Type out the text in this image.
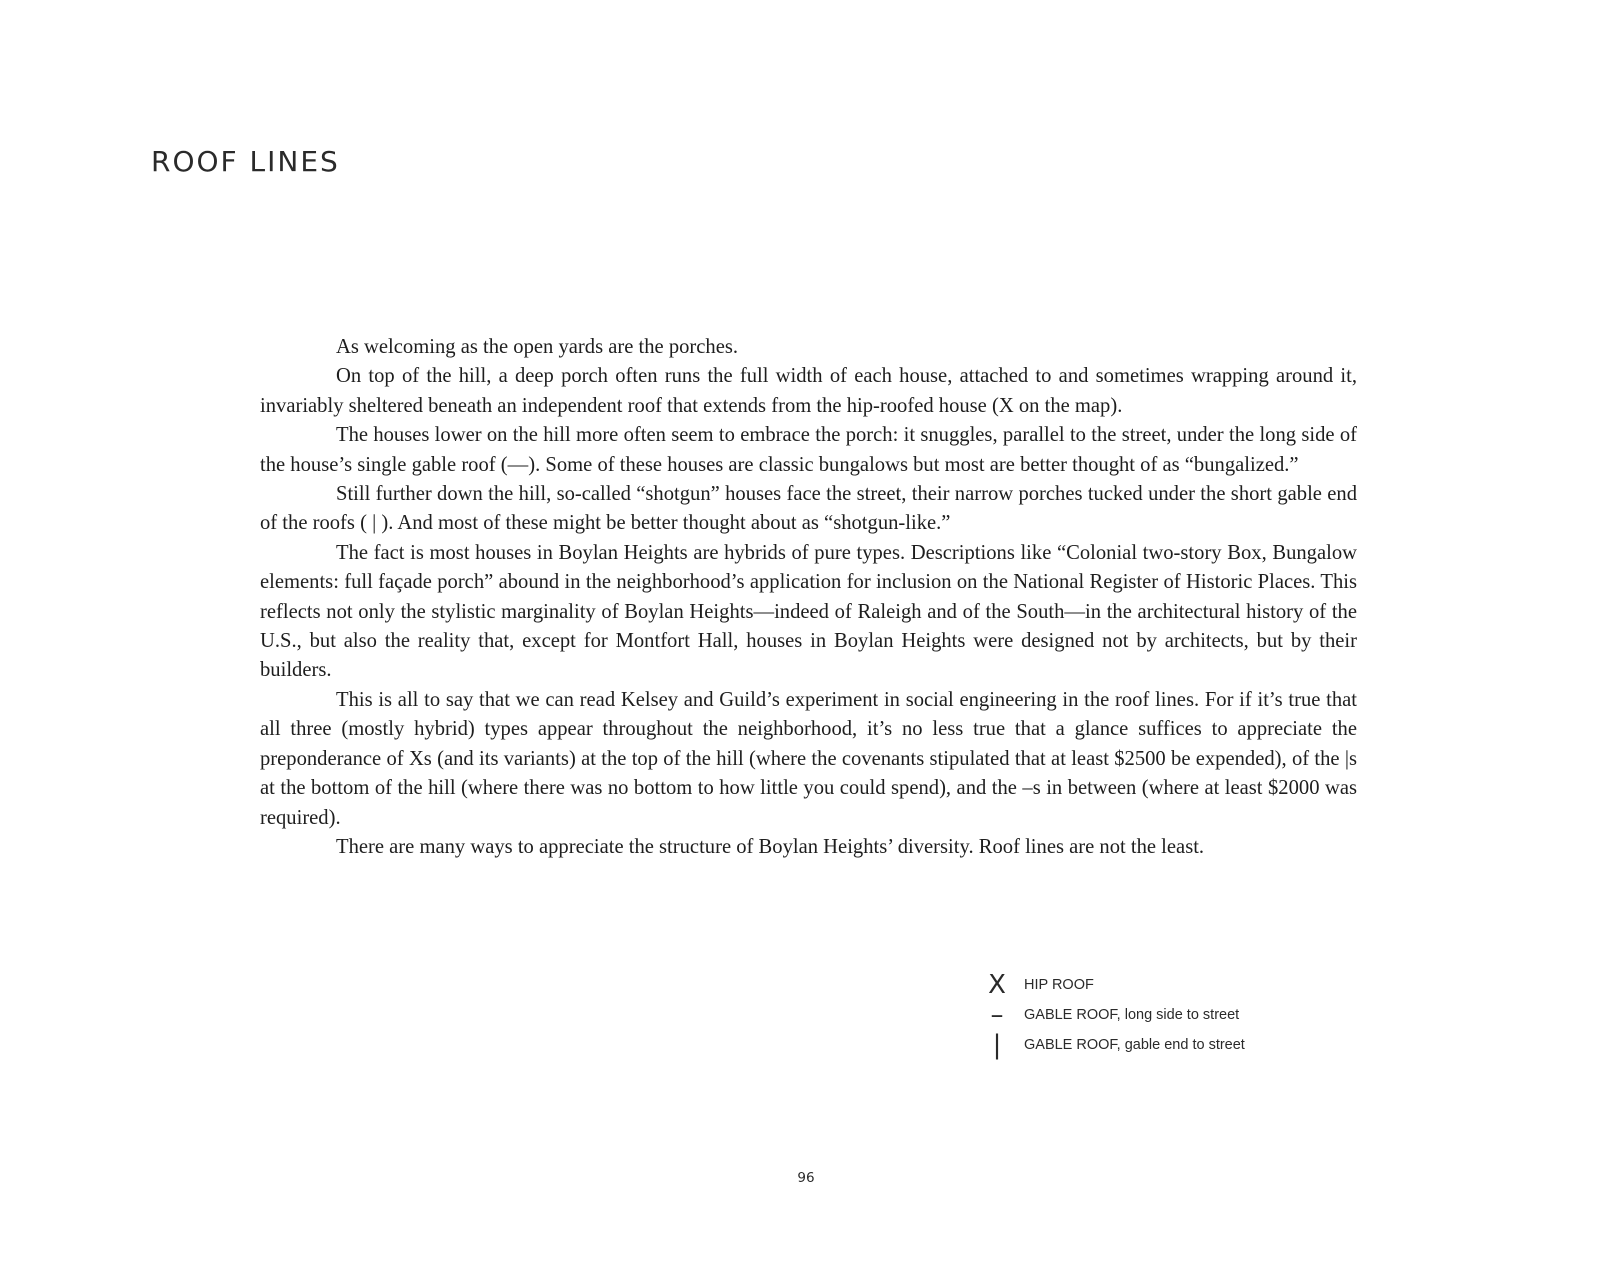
ROOF LINES

As welcoming as the open yards are the porches.

On top of the hill, a deep porch often runs the full width of each house, attached to and sometimes wrapping around it, invariably sheltered beneath an independent roof that extends from the hip-roofed house (X on the map).

The houses lower on the hill more often seem to embrace the porch: it snuggles, parallel to the street, under the long side of the house’s single gable roof (—). Some of these houses are classic bungalows but most are better thought of as “bungalized.”

Still further down the hill, so-called “shotgun” houses face the street, their narrow porches tucked under the short gable end of the roofs ( | ). And most of these might be better thought about as “shotgun-like.”

The fact is most houses in Boylan Heights are hybrids of pure types. Descriptions like “Colonial two-story Box, Bungalow elements: full façade porch” abound in the neighborhood’s application for inclusion on the National Register of Historic Places. This reflects not only the stylistic marginality of Boylan Heights—indeed of Raleigh and of the South—in the architectural history of the U.S., but also the reality that, except for Montfort Hall, houses in Boylan Heights were designed not by architects, but by their builders.

This is all to say that we can read Kelsey and Guild’s experiment in social engineering in the roof lines. For if it’s true that all three (mostly hybrid) types appear throughout the neighborhood, it’s no less true that a glance suffices to appreciate the preponderance of Xs (and its variants) at the top of the hill (where the covenants stipulated that at least $2500 be expended), of the |s at the bottom of the hill (where there was no bottom to how little you could spend), and the –s in between (where at least $2000 was required).

There are many ways to appreciate the structure of Boylan Heights’ diversity. Roof lines are not the least.

X	HIP ROOF
–	GABLE ROOF, long side to street
|	GABLE ROOF, gable end to street
96
